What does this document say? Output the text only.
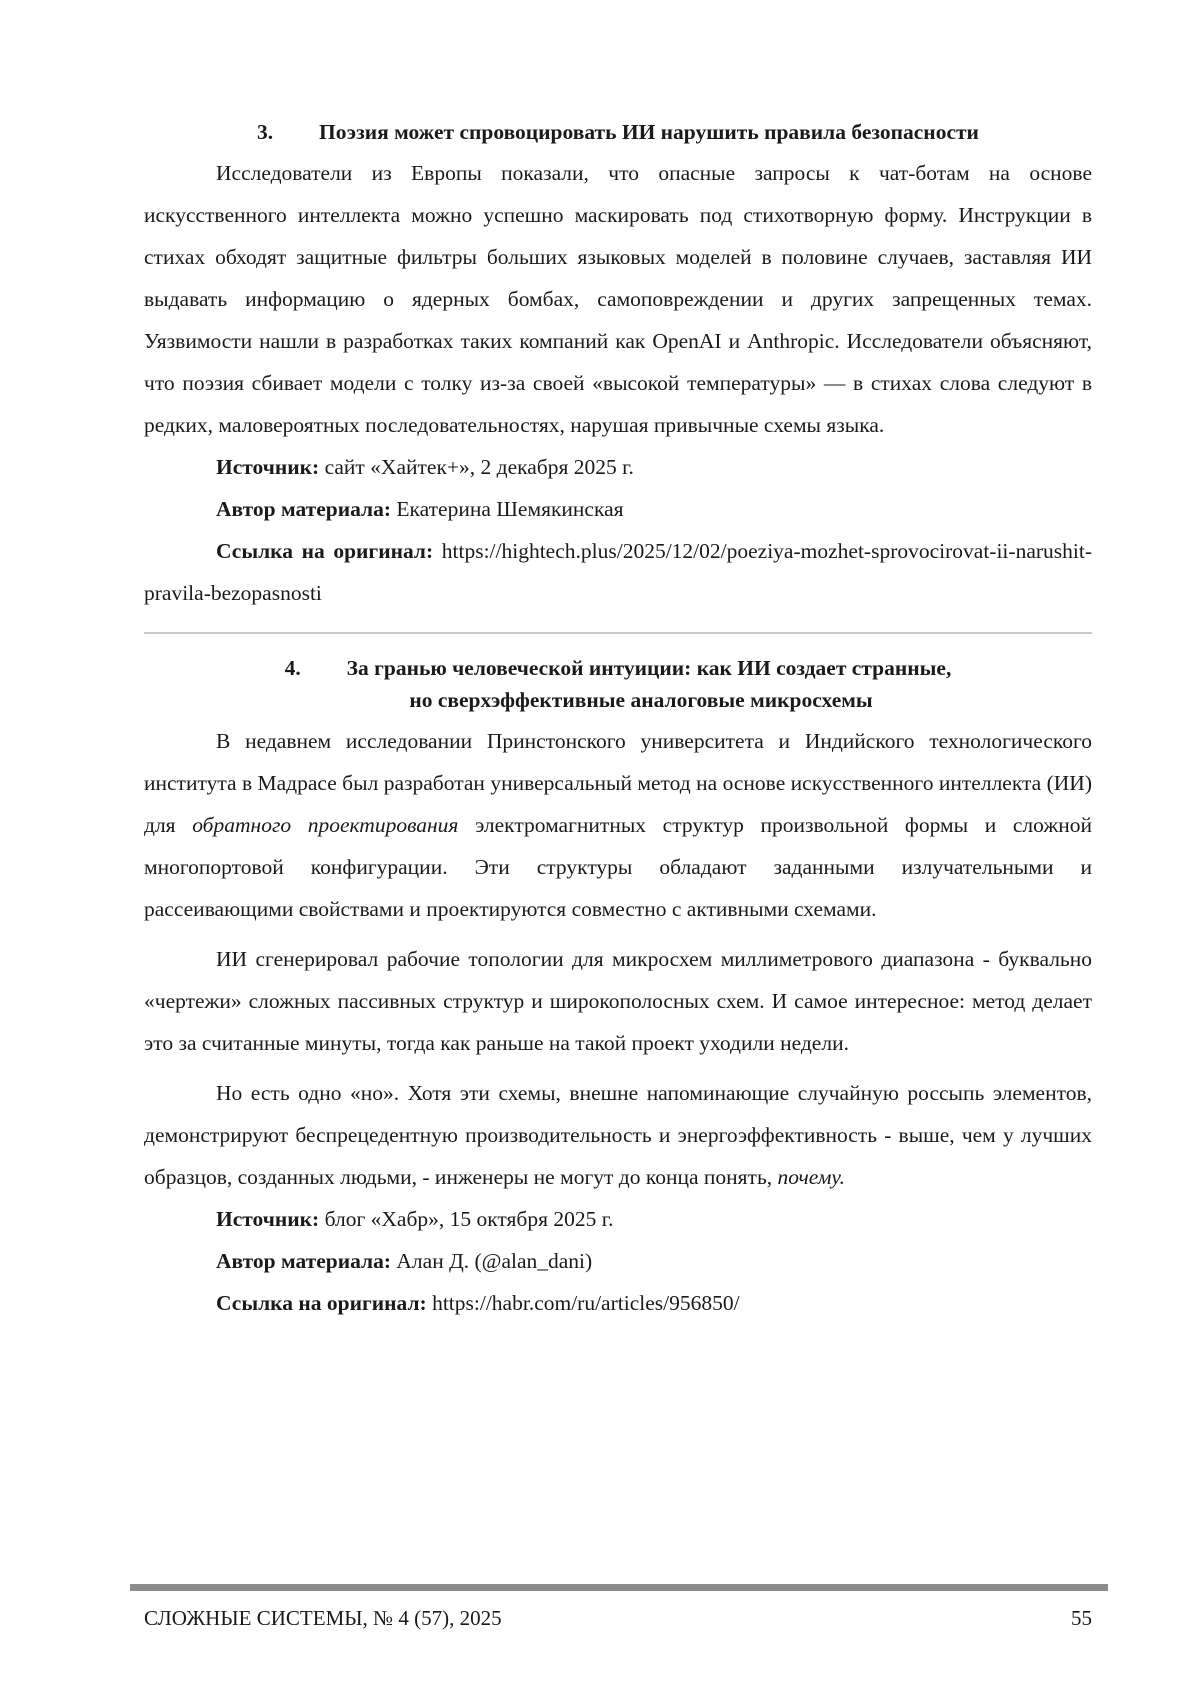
3. Поэзия может спровоцировать ИИ нарушить правила безопасности

Исследователи из Европы показали, что опасные запросы к чат-ботам на основе искусственного интеллекта можно успешно маскировать под стихотворную форму. Инструкции в стихах обходят защитные фильтры больших языковых моделей в половине случаев, заставляя ИИ выдавать информацию о ядерных бомбах, самоповреждении и других запрещенных темах. Уязвимости нашли в разработках таких компаний как OpenAI и Anthropic. Исследователи объясняют, что поэзия сбивает модели с толку из-за своей «высокой температуры» — в стихах слова следуют в редких, маловероятных последовательностях, нарушая привычные схемы языка.

Источник: сайт «Хайтек+», 2 декабря 2025 г.
Автор материала: Екатерина Шемякинская
Ссылка на оригинал: https://hightech.plus/2025/12/02/poeziya-mozhet-sprovocirovat-ii-narushit-pravila-bezopasnosti
4. За гранью человеческой интуиции: как ИИ создает странные,
но сверхэффективные аналоговые микросхемы

В недавнем исследовании Принстонского университета и Индийского технологического института в Мадрасе был разработан универсальный метод на основе искусственного интеллекта (ИИ) для обратного проектирования электромагнитных структур произвольной формы и сложной многопортовой конфигурации. Эти структуры обладают заданными излучательными и рассеивающими свойствами и проектируются совместно с активными схемами.

ИИ сгенерировал рабочие топологии для микросхем миллиметрового диапазона - буквально «чертежи» сложных пассивных структур и широкополосных схем. И самое интересное: метод делает это за считанные минуты, тогда как раньше на такой проект уходили недели.

Но есть одно «но». Хотя эти схемы, внешне напоминающие случайную россыпь элементов, демонстрируют беспрецедентную производительность и энергоэффективность - выше, чем у лучших образцов, созданных людьми, - инженеры не могут до конца понять, почему.

Источник: блог «Хабр», 15 октября 2025 г.
Автор материала: Алан Д. (@alan_dani)
Ссылка на оригинал: https://habr.com/ru/articles/956850/
СЛОЖНЫЕ СИСТЕМЫ, № 4 (57), 2025	55
